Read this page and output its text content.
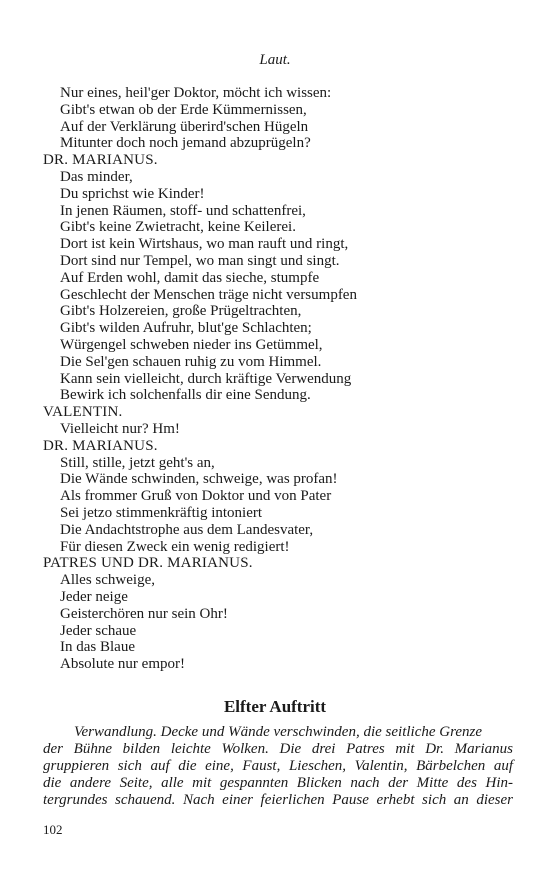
Laut.
Nur eines, heil'ger Doktor, möcht ich wissen:
Gibt's etwan ob der Erde Kümmernissen,
Auf der Verklärung überird'schen Hügeln
Mitunter doch noch jemand abzuprügeln?
DR. MARIANUS.
Das minder,
Du sprichst wie Kinder!
In jenen Räumen, stoff- und schattenfrei,
Gibt's keine Zwietracht, keine Keilerei.
Dort ist kein Wirtshaus, wo man rauft und ringt,
Dort sind nur Tempel, wo man singt und singt.
Auf Erden wohl, damit das sieche, stumpfe
Geschlecht der Menschen träge nicht versumpfen
Gibt's Holzereien, große Prügeltrachten,
Gibt's wilden Aufruhr, blut'ge Schlachten;
Würgengel schweben nieder ins Getümmel,
Die Sel'gen schauen ruhig zu vom Himmel.
Kann sein vielleicht, durch kräftige Verwendung
Bewirk ich solchenfalls dir eine Sendung.
VALENTIN.
Vielleicht nur? Hm!
DR. MARIANUS.
Still, stille, jetzt geht's an,
Die Wände schwinden, schweige, was profan!
Als frommer Gruß von Doktor und von Pater
Sei jetzo stimmenkräftig intoniert
Die Andachtstrophe aus dem Landesvater,
Für diesen Zweck ein wenig redigiert!
PATRES UND DR. MARIANUS.
Alles schweige,
Jeder neige
Geisterchören nur sein Ohr!
Jeder schaue
In das Blaue
Absolute nur empor!
Elfter Auftritt
Verwandlung. Decke und Wände verschwinden, die seitliche Grenze
der Bühne bilden leichte Wolken. Die drei Patres mit Dr. Marianus
gruppieren sich auf die eine, Faust, Lieschen, Valentin, Bärbelchen auf
die andere Seite, alle mit gespannten Blicken nach der Mitte des Hin-
tergrundes schauend. Nach einer feierlichen Pause erhebt sich an dieser
102
